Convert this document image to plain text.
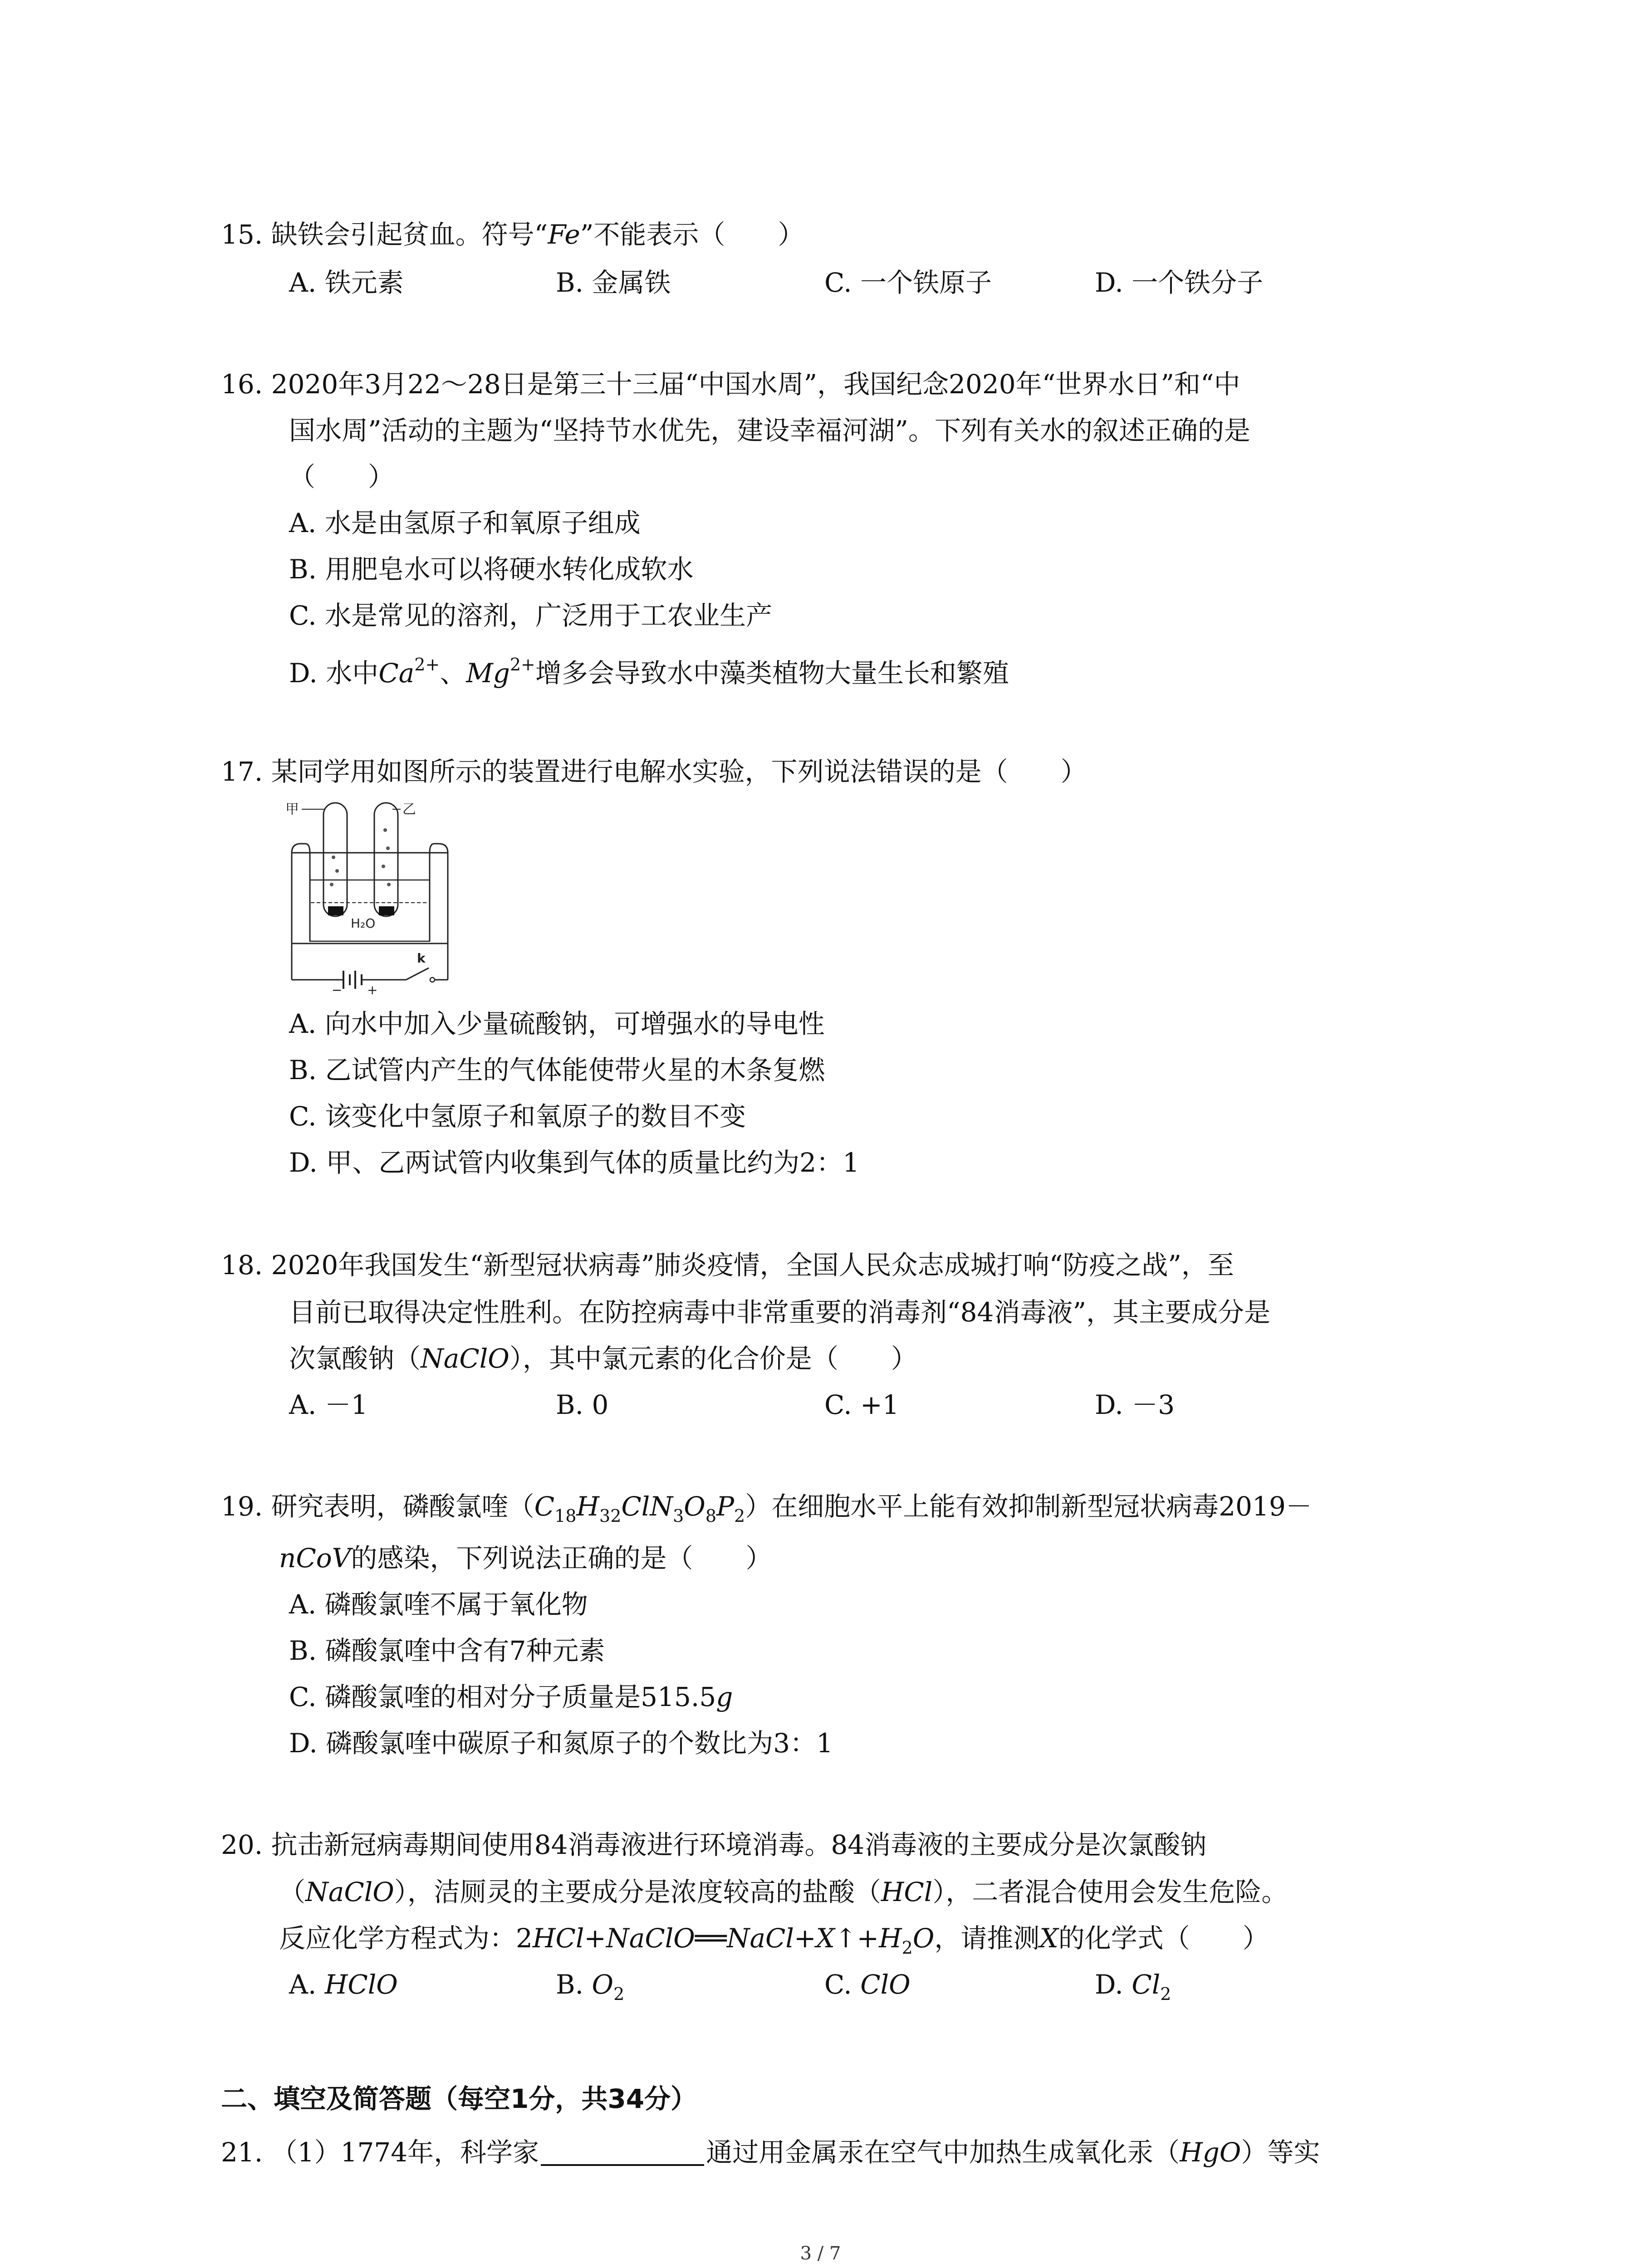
15. 缺铁会引起贫血。符号“Fe”不能表示（　　）
A. 铁元素	B. 金属铁	C. 一个铁原子	D. 一个铁分子
16. 2020年3月22～28日是第三十三届“中国水周”，我国纪念2020年“世界水日”和“中
国水周”活动的主题为“坚持节水优先，建设幸福河湖”。下列有关水的叙述正确的是
（　　）
A. 水是由氢原子和氧原子组成
B. 用肥皂水可以将硬水转化成软水
C. 水是常见的溶剂，广泛用于工农业生产
D. 水中$Ca^{2+}$、$Mg^{2+}$增多会导致水中藻类植物大量生长和繁殖
17. 某同学用如图所示的装置进行电解水实验，下列说法错误的是（　　）
甲	乙
H₂O
k
− +
A. 向水中加入少量硫酸钠，可增强水的导电性
B. 乙试管内产生的气体能使带火星的木条复燃
C. 该变化中氢原子和氧原子的数目不变
D. 甲、乙两试管内收集到气体的质量比约为2：1
18. 2020年我国发生“新型冠状病毒”肺炎疫情，全国人民众志成城打响“防疫之战”，至
目前已取得决定性胜利。在防控病毒中非常重要的消毒剂“84消毒液”，其主要成分是
次氯酸钠（NaClO），其中氯元素的化合价是（　　）
A. －1	B. 0	C. +1	D. －3
19. 研究表明，磷酸氯喹$(C_{18}H_{32}ClN_3O_8P_2)$在细胞水平上能有效抑制新型冠状病毒2019－
nCoV的感染，下列说法正确的是（　　）
A. 磷酸氯喹不属于氧化物
B. 磷酸氯喹中含有7种元素
C. 磷酸氯喹的相对分子质量是515.5g
D. 磷酸氯喹中碳原子和氮原子的个数比为3：1
20. 抗击新冠病毒期间使用84消毒液进行环境消毒。84消毒液的主要成分是次氯酸钠
（NaClO），洁厕灵的主要成分是浓度较高的盐酸（HCl），二者混合使用会发生危险。
反应化学方程式为：$2HCl+NaClO══NaCl+X↑+H_2O$，请推测X的化学式（　　）
A. HClO	B. $O_2$	C. ClO	D. $Cl_2$
二、填空及简答题（每空1分，共34分）
21. （1）1774年，科学家	通过用金属汞在空气中加热生成氧化汞（HgO）等实
3 / 7
